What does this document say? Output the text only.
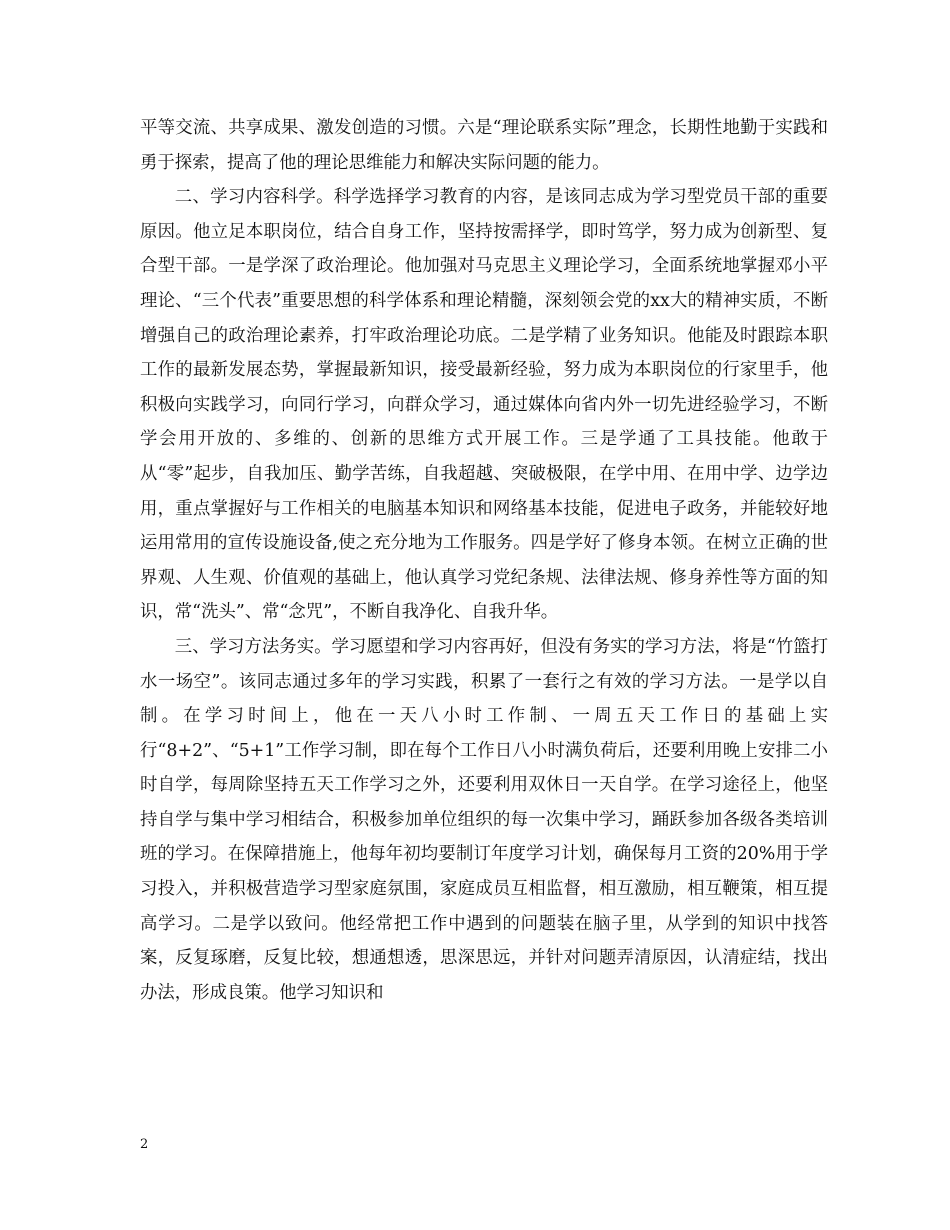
平等交流、共享成果、激发创造的习惯。六是“理论联系实际”理念，长期性地勤于实践和勇于探索，提高了他的理论思维能力和解决实际问题的能力。

二、学习内容科学。科学选择学习教育的内容，是该同志成为学习型党员干部的重要原因。他立足本职岗位，结合自身工作，坚持按需择学，即时笃学，努力成为创新型、复合型干部。一是学深了政治理论。他加强对马克思主义理论学习，全面系统地掌握邓小平理论、“三个代表”重要思想的科学体系和理论精髓，深刻领会党的xx大的精神实质，不断增强自己的政治理论素养，打牢政治理论功底。二是学精了业务知识。他能及时跟踪本职工作的最新发展态势，掌握最新知识，接受最新经验，努力成为本职岗位的行家里手，他积极向实践学习，向同行学习，向群众学习，通过媒体向省内外一切先进经验学习，不断学会用开放的、多维的、创新的思维方式开展工作。三是学通了工具技能。他敢于从“零”起步，自我加压、勤学苦练，自我超越、突破极限，在学中用、在用中学、边学边用，重点掌握好与工作相关的电脑基本知识和网络基本技能，促进电子政务，并能较好地运用常用的宣传设施设备,使之充分地为工作服务。四是学好了修身本领。在树立正确的世界观、人生观、价值观的基础上，他认真学习党纪条规、法律法规、修身养性等方面的知识，常“洗头”、常“念咒”，不断自我净化、自我升华。

三、学习方法务实。学习愿望和学习内容再好，但没有务实的学习方法，将是“竹篮打水一场空”。该同志通过多年的学习实践，积累了一套行之有效的学习方法。一是学以自制。在学习时间上，他在一天八小时工作制、一周五天工作日的基础上实行“8+2”、“5+1”工作学习制，即在每个工作日八小时满负荷后，还要利用晚上安排二小时自学，每周除坚持五天工作学习之外，还要利用双休日一天自学。在学习途径上，他坚持自学与集中学习相结合，积极参加单位组织的每一次集中学习，踊跃参加各级各类培训班的学习。在保障措施上，他每年初均要制订年度学习计划，确保每月工资的20%用于学习投入，并积极营造学习型家庭氛围，家庭成员互相监督，相互激励，相互鞭策，相互提高学习。二是学以致问。他经常把工作中遇到的问题装在脑子里，从学到的知识中找答案，反复琢磨，反复比较，想通想透，思深思远，并针对问题弄清原因，认清症结，找出办法，形成良策。他学习知识和

2
